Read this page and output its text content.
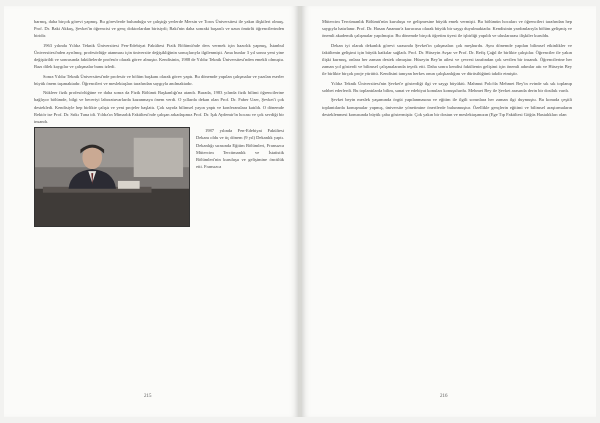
barmış, daha birçok görevi yapmış. Bu görevlerde bulunduğu ve çalıştığı yerlerde Mersin ve Toros Üniversitesi ile yakın ilişkileri olmuş. Prof. Dr. Baki Akkuş, Şevket'in öğrencisi ve genç doktorlardan birisiydi; Baki'nin daha sonraki başarılı ve uzun ömürlü öğrencilerinden biridir.

1963 yılında Yıldız Teknik Üniversitesi Fen-Edebiyat Fakültesi Fizik Bölümü'nde ders vermek için hazırlık yapmış, İstanbul Üniversitesi'nden ayrılmış; profesörlüğe atanması için üniversite değişikliğinin sonuçlarıyla ilgilenmişti. Ama bunlar 3 yıl sonra yeni yine değiştirildi ve sonrasında fakültelerde profesör olarak görev almıştır. Kendisinin, 1988 de Yıldız Teknik Üniversitesi'nden emekli olmuştu. Bazı dilek kaygılar ve çalışmalar bunu izledi.

Sonra Yıldız Teknik Üniversitesi'nde profesör ve bölüm başkanı olarak görev yaptı. Bu dönemde yapılan çalışmalar ve yazılan eserler büyük önem taşımaktadır. Öğrencileri ve meslektaşları tarafından saygıyla anılmaktadır.

Nükleer fizik profesörlüğüne ve daha sonra da Fizik Bölümü Başkanlığı'na atandı. Burada, 1983 yılında fizik bilimi öğrencilerine bağlıyor bölümde, bilgi ve beceriyi laboratuvarlarda kazanmaya önem verdi. O yıllarda dekan olan Prof. Dr. Faber Uzer, Şevket'i çok destekledi. Kendisiyle hep birlikte çalıştı ve yeni projeler başlattı. Çok sayıda bilimsel yayın yaptı ve konferanslara katıldı. O dönemde Rektör ise Prof. Dr. Sıtkı Tuna idi. Yıldız'ın Mimarlık Fakültesi'nde çalışan arkadaşımız Prof. Dr. Işık Aydemir'in hocası ve çok sevdiği bir insandı.

1987 yılında Fen-Edebiyat Fakültesi Dekanı oldu ve üç dönem (9 yıl) Dekanlık yaptı. Dekanlığı sırasında Eğitim Bölümleri, Fransızca Mütercim Tercümanlık ve İstatistik Bölümleri'nin kuruluşu ve gelişimine öncülük etti. Fransızca

215

Mütercim Tercümanlık Bölümü'nün kuruluşu ve gelişmesine büyük emek vermişti. Bu bölümün hocaları ve öğrencileri tarafından hep saygıyla hatırlanır. Prof. Dr. Hasan Anamur'a kurucusu olarak büyük bir saygı duyulmaktadır. Kendisinin yardımlarıyla bölüm gelişmiş ve önemli akademik çalışmalar yapılmıştır. Bu dönemde birçok öğretim üyesi ile işbirliği yapıldı ve uluslararası ilişkiler kuruldu.

Dekan iyi olarak dekanlık görevi sırasında Şevket'in çalışmaları çok meşhurdu. Aynı dönemde yapılan bilimsel etkinlikler ve fakültenin gelişimi için büyük katkılar sağladı. Prof. Dr. Hüseyin Avşar ve Prof. Dr. Refiş Çağıl ile birlikte çalıştılar. Öğrenciler ile yakın ilişki kurmuş, onlara her zaman destek olmuştur. Hüseyin Bey'in ailesi ve çevresi tarafından çok sevilen bir insandı. Öğrencilerine her zaman yol gösterdi ve bilimsel çalışmalarında teşvik etti. Daha sonra kendisi fakültenin gelişimi için önemli adımlar attı ve Hüseyin Bey ile birlikte birçok proje yürüttü. Kendisini tanıyan herkes onun çalışkanlığını ve dürüstlüğünü takdir etmiştir.

Yıldız Teknik Üniversitesi'nin Şevket'e gösterdiği ilgi ve saygı büyüktü. Mahmut Polo'da Mehmet Bey'in evinde sık sık toplanıp sohbet ederlerdi. Bu toplantılarda bilim, sanat ve edebiyat konuları konuşulurdu. Mehmet Bey ile Şevket arasında derin bir dostluk vardı.

Şevket beyin meslek yaşamında örgüt yapılanmasına ve eğitim ile ilgili sorunlara her zaman ilgi duymuştu. Bu konuda çeşitli toplantılarda konuşmalar yapmış, üniversite yönetimine önerilerde bulunmuştur. Özellikle gençlerin eğitimi ve bilimsel araştırmaların desteklenmesi konusunda büyük çaba göstermiştir. Çok yakın bir dostun ve meslektaşımızın (Ege Tıp Fakültesi Göğüs Hastalıkları olan

216
